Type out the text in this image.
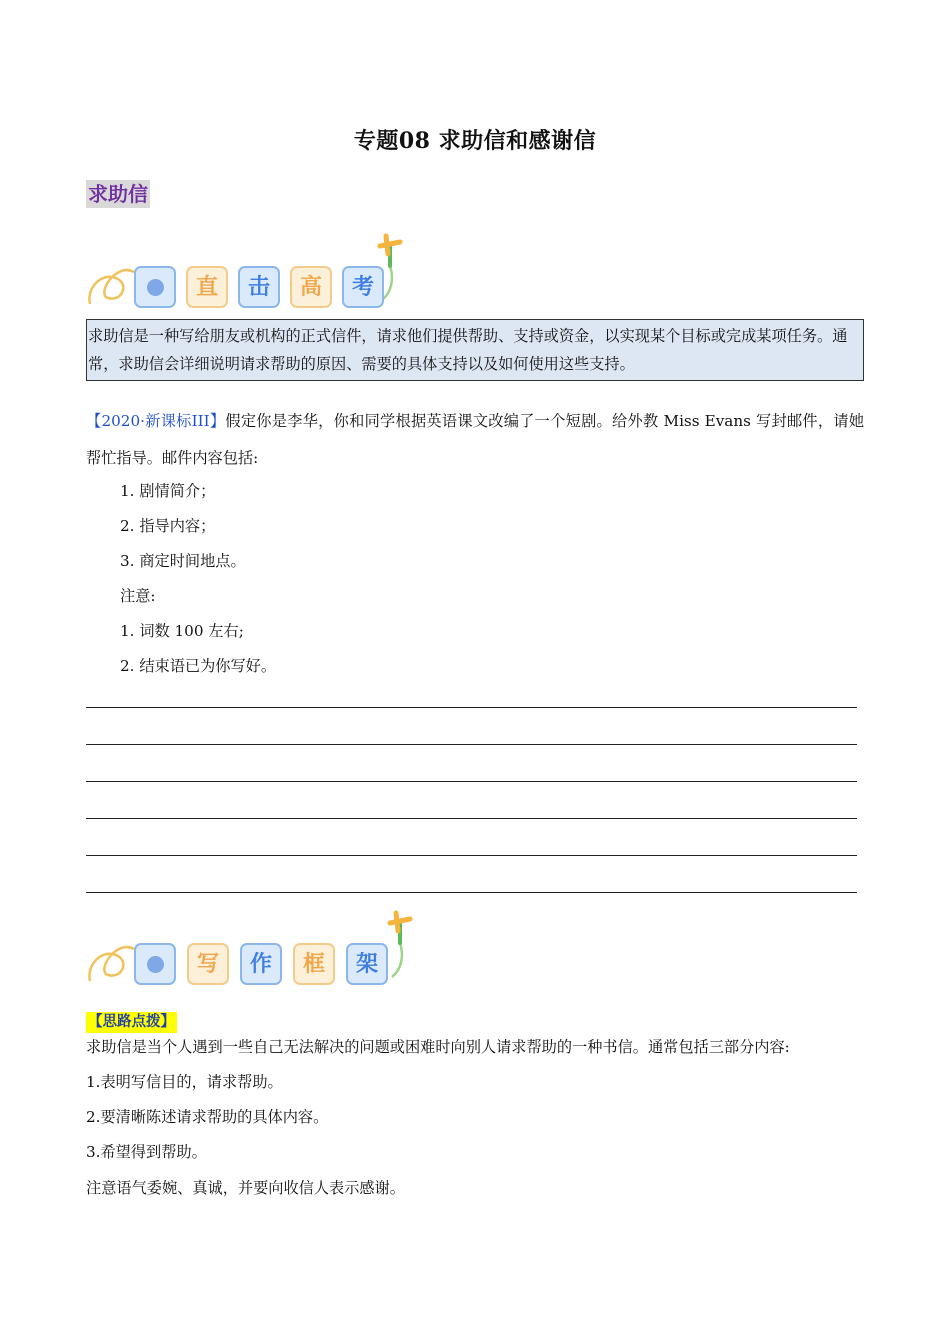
专题08 求助信和感谢信
求助信
直	击	高	考
求助信是一种写给朋友或机构的正式信件，请求他们提供帮助、支持或资金，以实现某个目标或完成某项任务。通常，求助信会详细说明请求帮助的原因、需要的具体支持以及如何使用这些支持。
【2020·新课标III】假定你是李华，你和同学根据英语课文改编了一个短剧。给外教 Miss Evans 写封邮件，请她帮忙指导。邮件内容包括:
1. 剧情简介；
2. 指导内容；
3. 商定时间地点。
注意:
1. 词数 100 左右;
2. 结束语已为你写好。
写	作	框	架
【思路点拨】
求助信是当个人遇到一些自己无法解决的问题或困难时向别人请求帮助的一种书信。通常包括三部分内容:
1.表明写信目的，请求帮助。
2.要清晰陈述请求帮助的具体内容。
3.希望得到帮助。
注意语气委婉、真诚，并要向收信人表示感谢。
